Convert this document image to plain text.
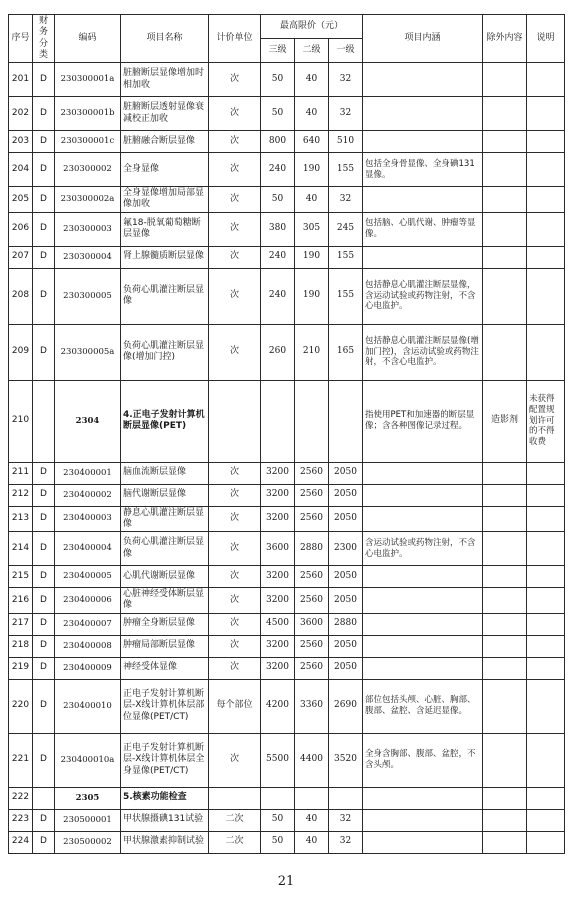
序号	财务分类	编码	项目名称	计价单位	最高限价（元）			项目内涵	除外内容	说明
					三级	二级	一级			
201	D	230300001a	脏腑断层显像增加时相加收	次	50	40	32			
202	D	230300001b	脏腑断层透射显像衰减校正加收	次	50	40	32			
203	D	230300001c	脏腑融合断层显像	次	800	640	510			
204	D	230300002	全身显像	次	240	190	155	包括全身骨显像、全身碘131显像。		
205	D	230300002a	全身显像增加局部显像加收	次	50	40	32			
206	D	230300003	氟18-脱氧葡萄糖断层显像	次	380	305	245	包括脑、心肌代谢、肿瘤等显像。		
207	D	230300004	肾上腺髓质断层显像	次	240	190	155			
208	D	230300005	负荷心肌灌注断层显像	次	240	190	155	包括静息心肌灌注断层显像，含运动试验或药物注射，不含心电监护。		
209	D	230300005a	负荷心肌灌注断层显像(增加门控)	次	260	210	165	包括静息心肌灌注断层显像(增加门控)，含运动试验或药物注射，不含心电监护。		
210		2304	4.正电子发射计算机断层显像(PET)					指使用PET和加速器的断层显像；含各种图像记录过程。	造影剂	未获得配置规划许可的不得收费
211	D	230400001	脑血流断层显像	次	3200	2560	2050			
212	D	230400002	脑代谢断层显像	次	3200	2560	2050			
213	D	230400003	静息心肌灌注断层显像	次	3200	2560	2050			
214	D	230400004	负荷心肌灌注断层显像	次	3600	2880	2300	含运动试验或药物注射，不含心电监护。		
215	D	230400005	心肌代谢断层显像	次	3200	2560	2050			
216	D	230400006	心脏神经受体断层显像	次	3200	2560	2050			
217	D	230400007	肿瘤全身断层显像	次	4500	3600	2880			
218	D	230400008	肿瘤局部断层显像	次	3200	2560	2050			
219	D	230400009	神经受体显像	次	3200	2560	2050			
220	D	230400010	正电子发射计算机断层-X线计算机体层部位显像(PET/CT)	每个部位	4200	3360	2690	部位包括头颅、心脏、胸部、腹部、盆腔、含延迟显像。		
221	D	230400010a	正电子发射计算机断层-X线计算机体层全身显像(PET/CT)	次	5500	4400	3520	全身含胸部、腹部、盆腔，不含头颅。		
222		2305	5.核素功能检查							
223	D	230500001	甲状腺摄碘131试验	二次	50	40	32			
224	D	230500002	甲状腺激素抑制试验	二次	50	40	32			
21
